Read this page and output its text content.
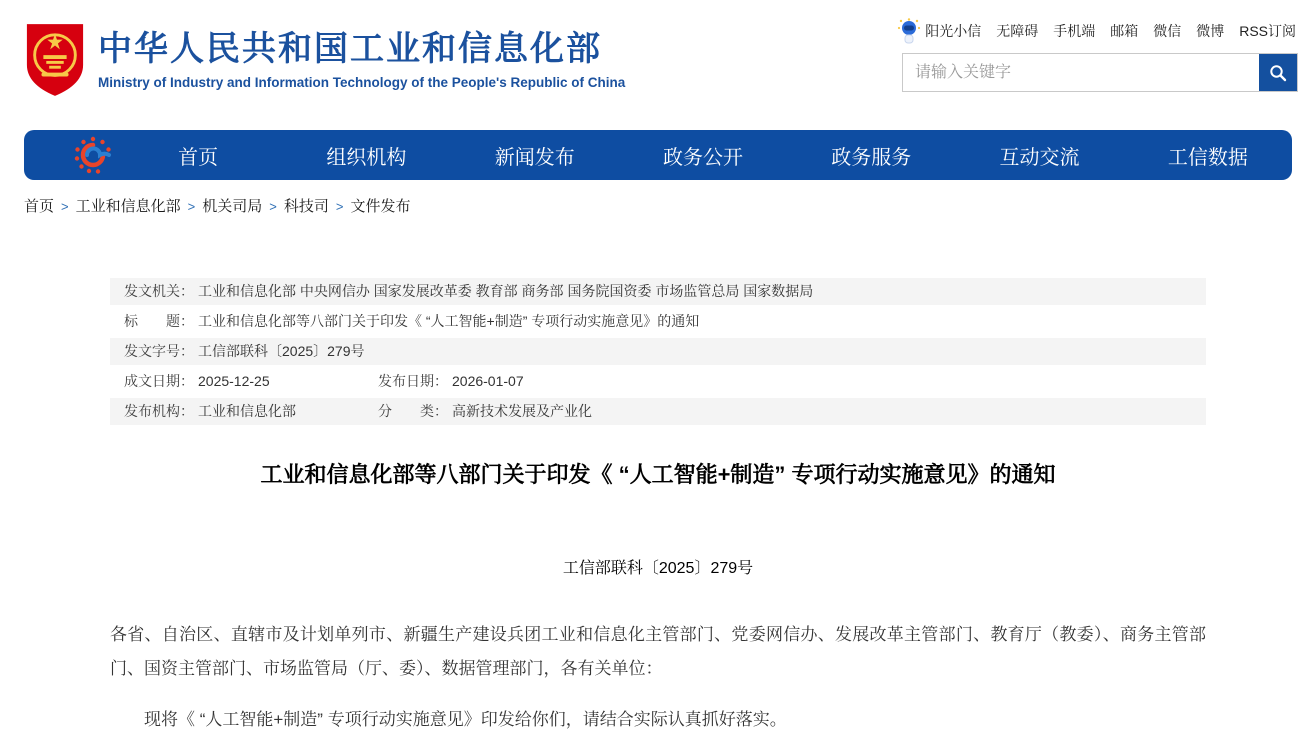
中华人民共和国工业和信息化部
Ministry of Industry and Information Technology of the People's Republic of China
阳光小信 无障碍 手机端 邮箱 微信 微博 RSS订阅
请输入关键字
首页	组织机构	新闻发布	政务公开	政务服务	互动交流	工信数据
首页 > 工业和信息化部 > 机关司局 > 科技司 > 文件发布
发文机关： 工业和信息化部 中央网信办 国家发展改革委 教育部 商务部 国务院国资委 市场监管总局 国家数据局
标　　题： 工业和信息化部等八部门关于印发《 “人工智能+制造” 专项行动实施意见》的通知
发文字号： 工信部联科〔2025〕279号
成文日期： 2025-12-25	发布日期： 2026-01-07
发布机构： 工业和信息化部	分　　类： 高新技术发展及产业化
工业和信息化部等八部门关于印发《 “人工智能+制造” 专项行动实施意见》的通知
工信部联科〔2025〕279号

各省、自治区、直辖市及计划单列市、新疆生产建设兵团工业和信息化主管部门、党委网信办、发展改革主管部门、教育厅（教委）、商务主管部门、国资主管部门、市场监管局（厅、委）、数据管理部门，各有关单位：

现将《 “人工智能+制造” 专项行动实施意见》印发给你们，请结合实际认真抓好落实。
